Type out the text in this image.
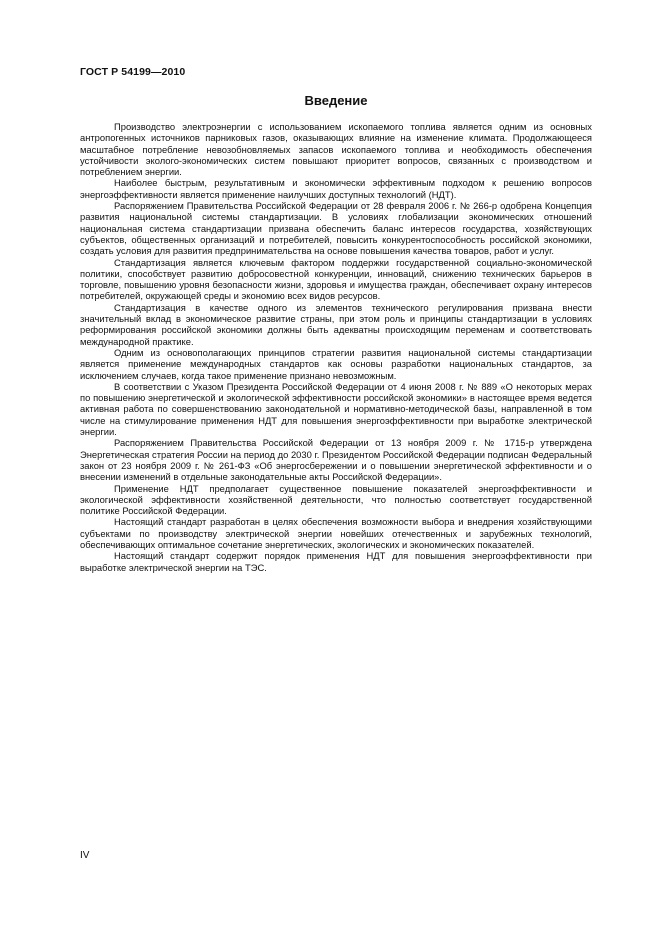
ГОСТ Р 54199—2010
Введение

Производство электроэнергии с использованием ископаемого топлива является одним из основных антропогенных источников парниковых газов, оказывающих влияние на изменение климата. Продолжающееся масштабное потребление невозобновляемых запасов ископаемого топлива и необходимость обеспечения устойчивости эколого-экономических систем повышают приоритет вопросов, связанных с производством и потреблением энергии.

Наиболее быстрым, результативным и экономически эффективным подходом к решению вопросов энергоэффективности является применение наилучших доступных технологий (НДТ).

Распоряжением Правительства Российской Федерации от 28 февраля 2006 г. № 266-р одобрена Концепция развития национальной системы стандартизации. В условиях глобализации экономических отношений национальная система стандартизации призвана обеспечить баланс интересов государства, хозяйствующих субъектов, общественных организаций и потребителей, повысить конкурентоспособность российской экономики, создать условия для развития предпринимательства на основе повышения качества товаров, работ и услуг.

Стандартизация является ключевым фактором поддержки государственной социально-экономической политики, способствует развитию добросовестной конкуренции, инноваций, снижению технических барьеров в торговле, повышению уровня безопасности жизни, здоровья и имущества граждан, обеспечивает охрану интересов потребителей, окружающей среды и экономию всех видов ресурсов.

Стандартизация в качестве одного из элементов технического регулирования призвана внести значительный вклад в экономическое развитие страны, при этом роль и принципы стандартизации в условиях реформирования российской экономики должны быть адекватны происходящим переменам и соответствовать международной практике.

Одним из основополагающих принципов стратегии развития национальной системы стандартизации является применение международных стандартов как основы разработки национальных стандартов, за исключением случаев, когда такое применение признано невозможным.

В соответствии с Указом Президента Российской Федерации от 4 июня 2008 г. № 889 «О некоторых мерах по повышению энергетической и экологической эффективности российской экономики» в настоящее время ведется активная работа по совершенствованию законодательной и нормативно-методической базы, направленной в том числе на стимулирование применения НДТ для повышения энергоэффективности при выработке электрической энергии.

Распоряжением Правительства Российской Федерации от 13 ноября 2009 г. № 1715-р утверждена Энергетическая стратегия России на период до 2030 г. Президентом Российской Федерации подписан Федеральный закон от 23 ноября 2009 г. № 261-ФЗ «Об энергосбережении и о повышении энергетической эффективности и о внесении изменений в отдельные законодательные акты Российской Федерации».

Применение НДТ предполагает существенное повышение показателей энергоэффективности и экологической эффективности хозяйственной деятельности, что полностью соответствует государственной политике Российской Федерации.

Настоящий стандарт разработан в целях обеспечения возможности выбора и внедрения хозяйствующими субъектами по производству электрической энергии новейших отечественных и зарубежных технологий, обеспечивающих оптимальное сочетание энергетических, экологических и экономических показателей.

Настоящий стандарт содержит порядок применения НДТ для повышения энергоэффективности при выработке электрической энергии на ТЭС.

IV
